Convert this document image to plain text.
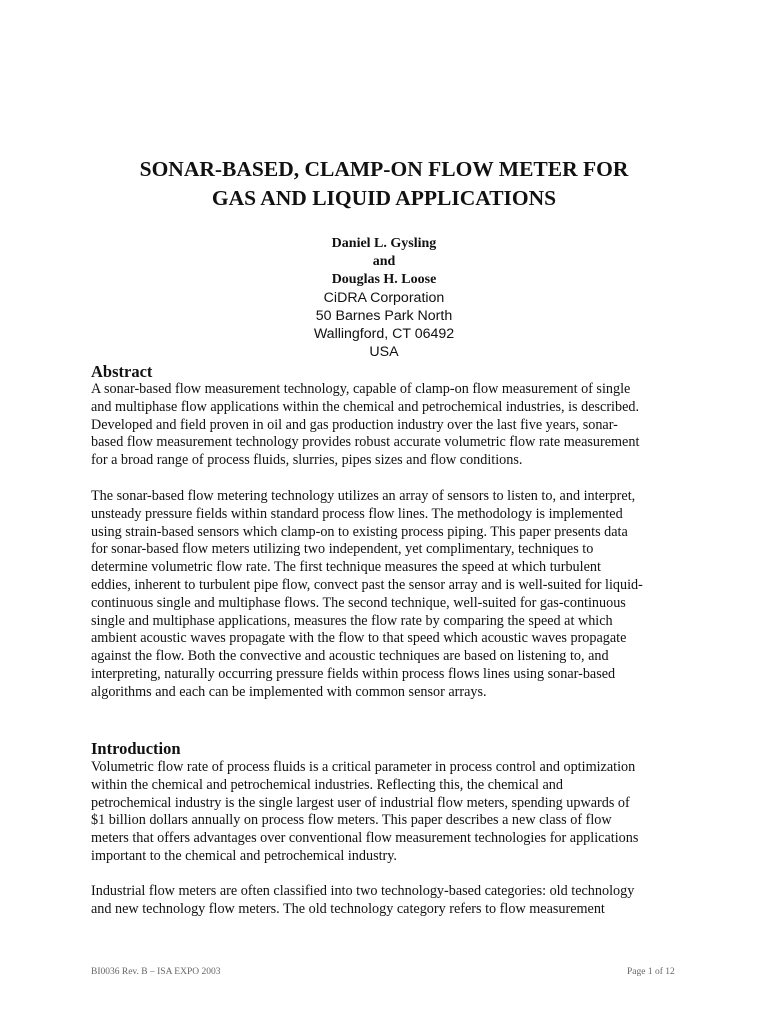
SONAR-BASED, CLAMP-ON FLOW METER FOR
GAS AND LIQUID APPLICATIONS
Daniel L. Gysling
and
Douglas H. Loose
CiDRA Corporation
50 Barnes Park North
Wallingford, CT 06492
USA
Abstract

A sonar-based flow measurement technology, capable of clamp-on flow measurement of single
and multiphase flow applications within the chemical and petrochemical industries, is described.
Developed and field proven in oil and gas production industry over the last five years, sonar-
based flow measurement technology provides robust accurate volumetric flow rate measurement
for a broad range of process fluids, slurries, pipes sizes and flow conditions.

The sonar-based flow metering technology utilizes an array of sensors to listen to, and interpret,
unsteady pressure fields within standard process flow lines. The methodology is implemented
using strain-based sensors which clamp-on to existing process piping. This paper presents data
for sonar-based flow meters utilizing two independent, yet complimentary, techniques to
determine volumetric flow rate. The first technique measures the speed at which turbulent
eddies, inherent to turbulent pipe flow, convect past the sensor array and is well-suited for liquid-
continuous single and multiphase flows. The second technique, well-suited for gas-continuous
single and multiphase applications, measures the flow rate by comparing the speed at which
ambient acoustic waves propagate with the flow to that speed which acoustic waves propagate
against the flow. Both the convective and acoustic techniques are based on listening to, and
interpreting, naturally occurring pressure fields within process flows lines using sonar-based
algorithms and each can be implemented with common sensor arrays.

Introduction

Volumetric flow rate of process fluids is a critical parameter in process control and optimization
within the chemical and petrochemical industries. Reflecting this, the chemical and
petrochemical industry is the single largest user of industrial flow meters, spending upwards of
$1 billion dollars annually on process flow meters. This paper describes a new class of flow
meters that offers advantages over conventional flow measurement technologies for applications
important to the chemical and petrochemical industry.

Industrial flow meters are often classified into two technology-based categories: old technology
and new technology flow meters. The old technology category refers to flow measurement

BI0036 Rev. B – ISA EXPO 2003	Page 1 of 12
